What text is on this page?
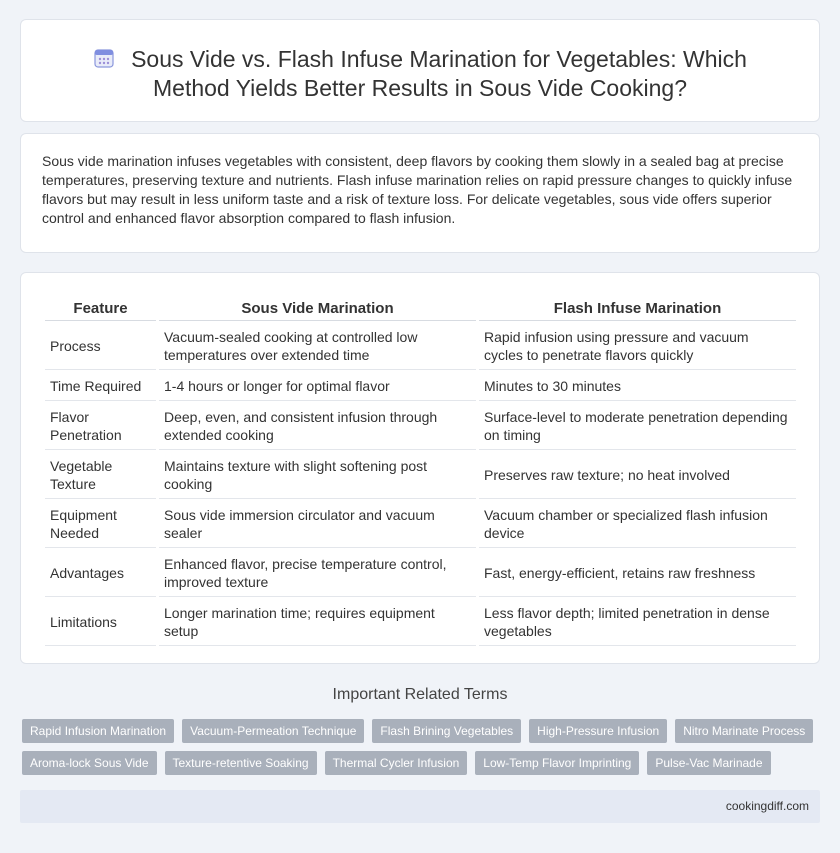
Sous Vide vs. Flash Infuse Marination for Vegetables: Which
Method Yields Better Results in Sous Vide Cooking?

Sous vide marination infuses vegetables with consistent, deep flavors by cooking them slowly in a sealed bag at precise temperatures, preserving texture and nutrients. Flash infuse marination relies on rapid pressure changes to quickly infuse flavors but may result in less uniform taste and a risk of texture loss. For delicate vegetables, sous vide offers superior control and enhanced flavor absorption compared to flash infusion.

Feature	Sous Vide Marination	Flash Infuse Marination
Process	Vacuum-sealed cooking at controlled low temperatures over extended time	Rapid infusion using pressure and vacuum cycles to penetrate flavors quickly
Time Required	1-4 hours or longer for optimal flavor	Minutes to 30 minutes
Flavor Penetration	Deep, even, and consistent infusion through extended cooking	Surface-level to moderate penetration depending on timing
Vegetable Texture	Maintains texture with slight softening post cooking	Preserves raw texture; no heat involved
Equipment Needed	Sous vide immersion circulator and vacuum sealer	Vacuum chamber or specialized flash infusion device
Advantages	Enhanced flavor, precise temperature control, improved texture	Fast, energy-efficient, retains raw freshness
Limitations	Longer marination time; requires equipment setup	Less flavor depth; limited penetration in dense vegetables
Important Related Terms
Rapid Infusion Marination	Vacuum-Permeation Technique	Flash Brining Vegetables	High-Pressure Infusion	Nitro Marinate Process
Aroma-lock Sous Vide	Texture-retentive Soaking	Thermal Cycler Infusion	Low-Temp Flavor Imprinting	Pulse-Vac Marinade
cookingdiff.com
